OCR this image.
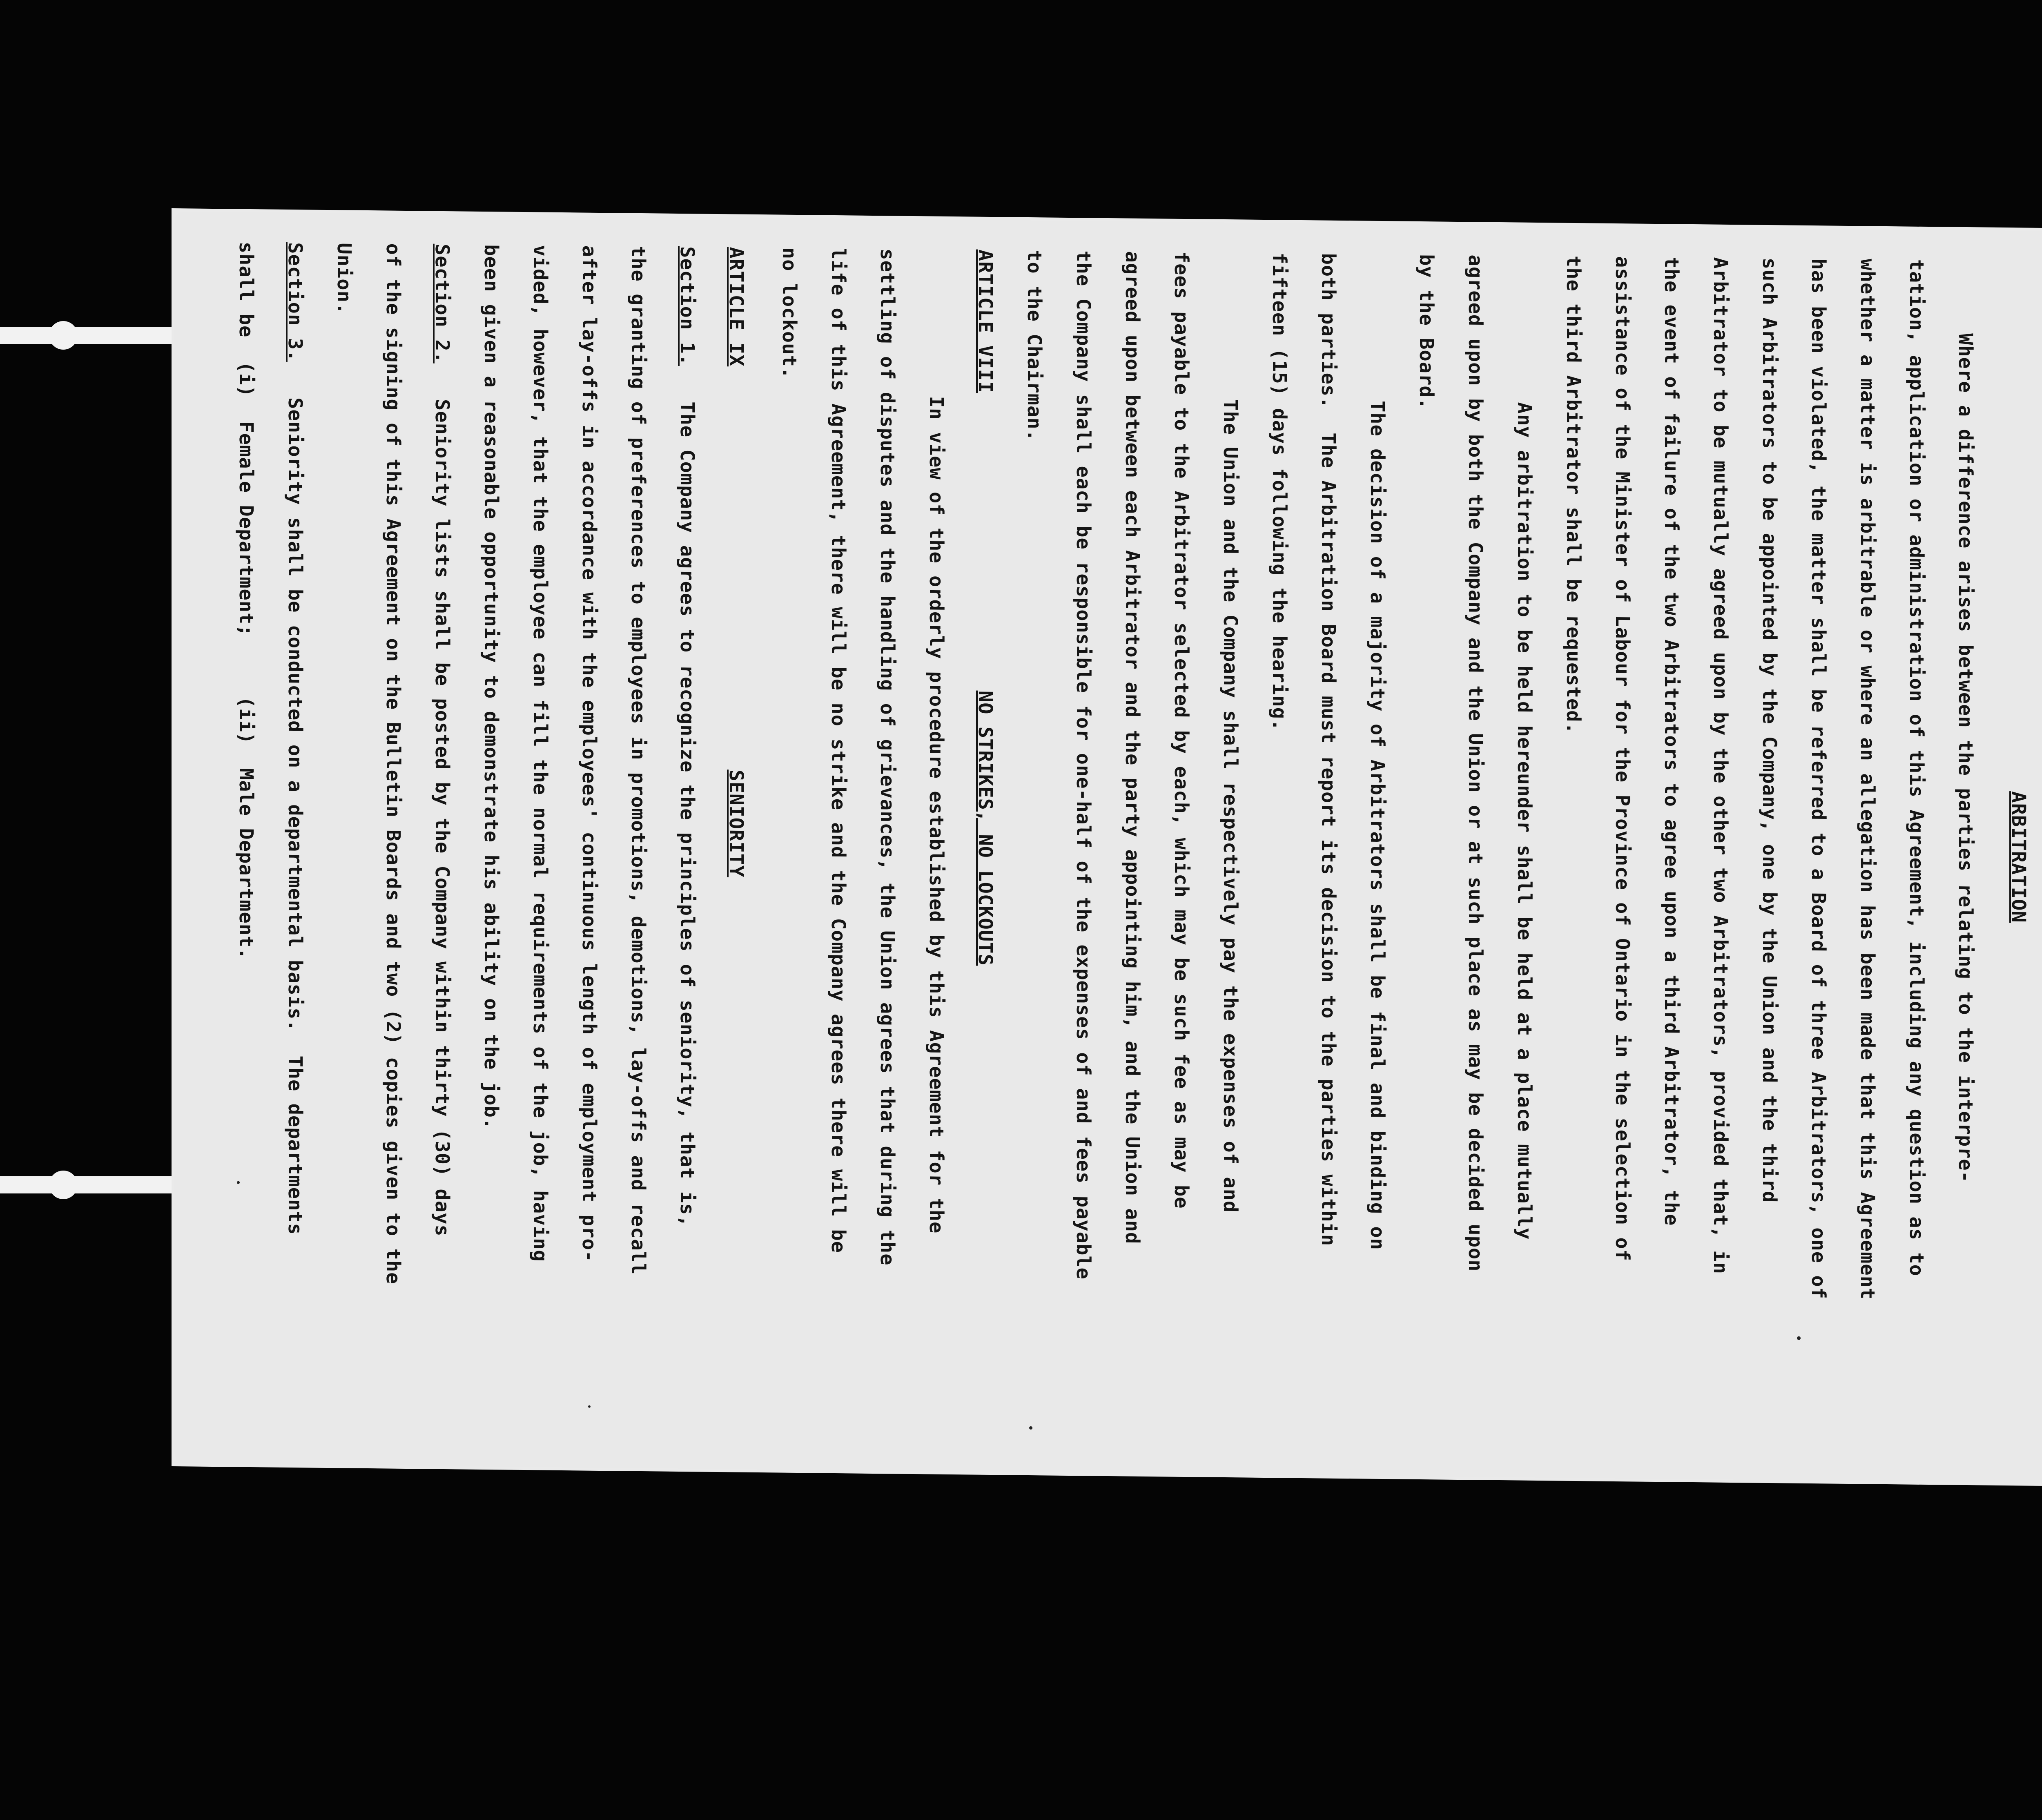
ARBITRATION
Where a difference arises between the parties relating to the interpre-
tation, application or administration of this Agreement, including any question as to
whether a matter is arbitrable or where an allegation has been made that this Agreement
has been violated, the matter shall be referred to a Board of three Arbitrators, one of
such Arbitrators to be appointed by the Company, one by the Union and the third
Arbitrator to be mutually agreed upon by the other two Arbitrators, provided that, in
the event of failure of the two Arbitrators to agree upon a third Arbitrator, the
assistance of the Minister of Labour for the Province of Ontario in the selection of
the third Arbitrator shall be requested.
Any arbitration to be held hereunder shall be held at a place mutually
agreed upon by both the Company and the Union or at such place as may be decided upon
by the Board.
The decision of a majority of Arbitrators shall be final and binding on
both parties.  The Arbitration Board must report its decision to the parties within
fifteen (15) days following the hearing.
The Union and the Company shall respectively pay the expenses of and
fees payable to the Arbitrator selected by each, which may be such fee as may be
agreed upon between each Arbitrator and the party appointing him, and the Union and
the Company shall each be responsible for one-half of the expenses of and fees payable
to the Chairman.
ARTICLE VIII
NO STRIKES, NO LOCKOUTS
In view of the orderly procedure established by this Agreement for the
settling of disputes and the handling of grievances, the Union agrees that during the
life of this Agreement, there will be no strike and the Company agrees there will be
no lockout.
ARTICLE IX
SENIORITY
Section 1.
The Company agrees to recognize the principles of seniority, that is,
the granting of preferences to employees in promotions, demotions, lay-offs and recall
after lay-offs in accordance with the employees' continuous length of employment pro-
vided, however, that the employee can fill the normal requirements of the job, having
been given a reasonable opportunity to demonstrate his ability on the job.
Section 2.
Seniority lists shall be posted by the Company within thirty (30) days
of the signing of this Agreement on the Bulletin Boards and two (2) copies given to the
Union.
Section 3.
Seniority shall be conducted on a departmental basis.  The departments
shall be  (i)  Female Department;     (ii)  Male Department.
